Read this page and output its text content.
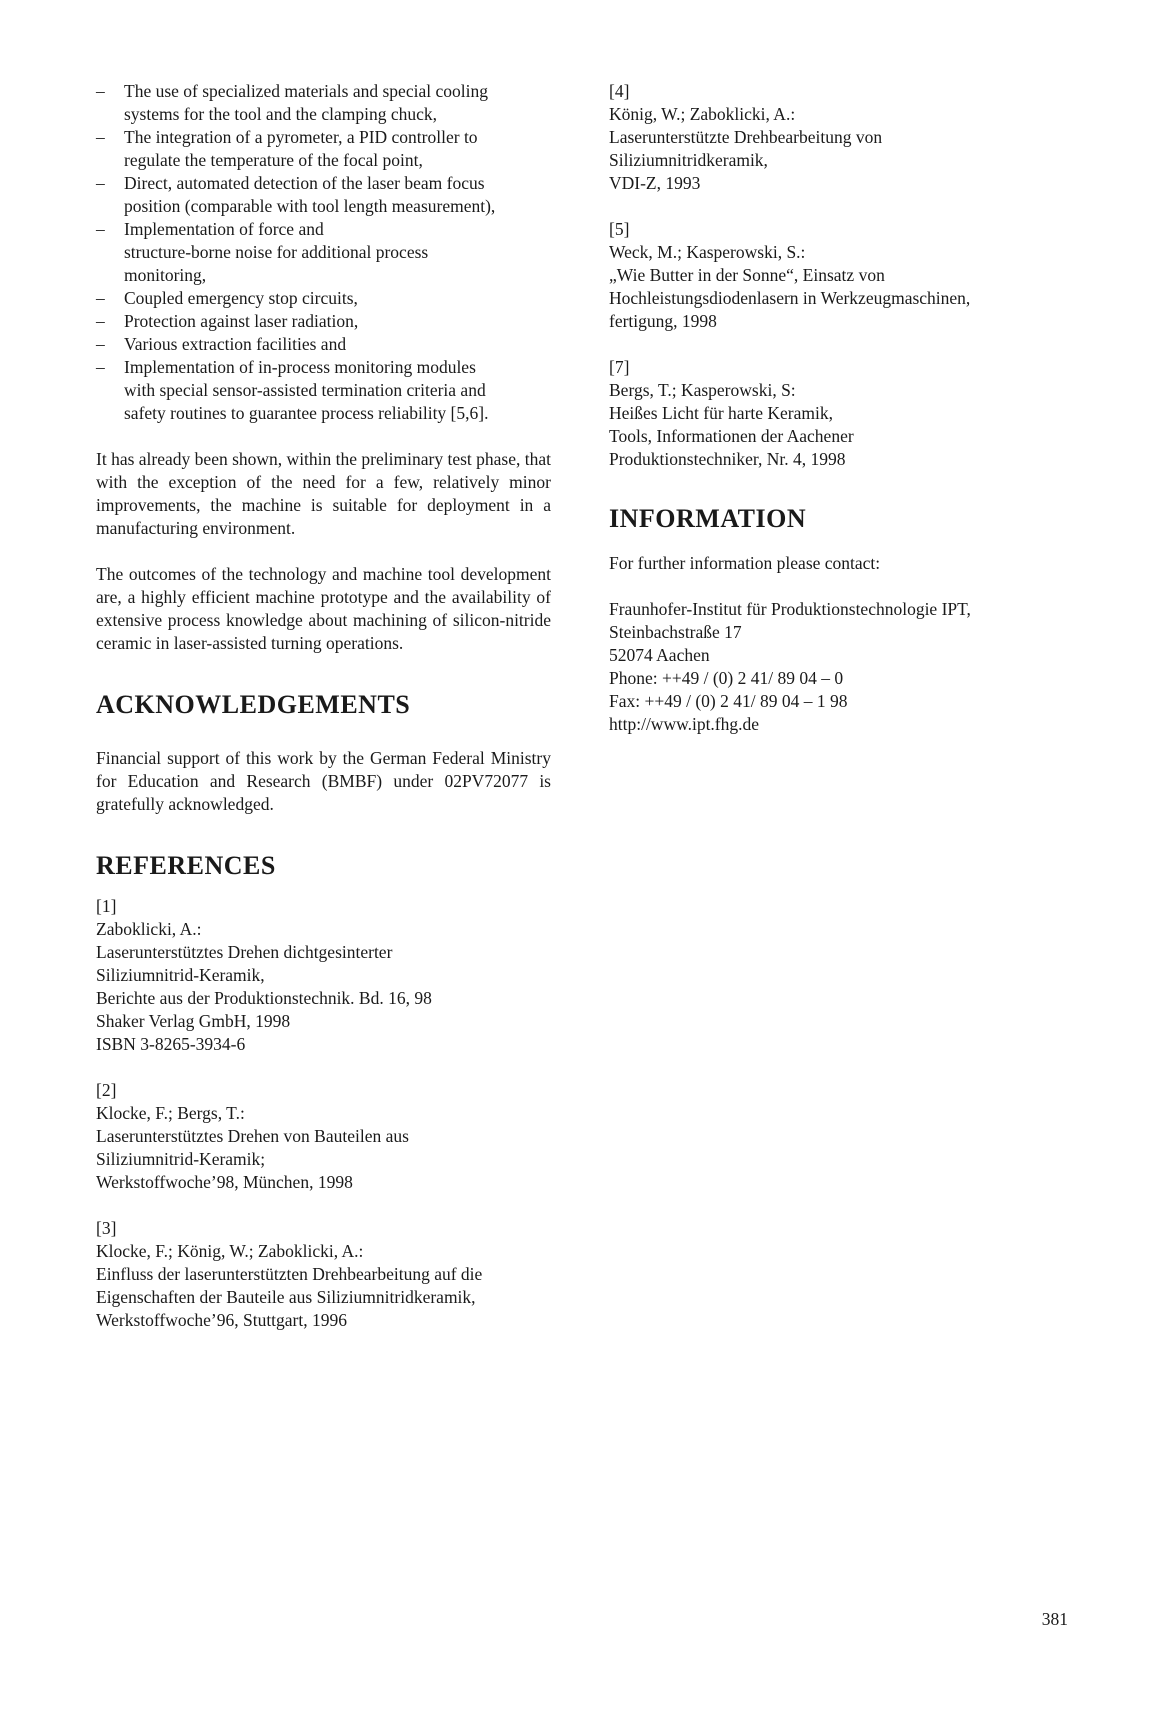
– The use of specialized materials and special cooling
systems for the tool and the clamping chuck,
– The integration of a pyrometer, a PID controller to
regulate the temperature of the focal point,
– Direct, automated detection of the laser beam focus
position (comparable with tool length measurement),
– Implementation of force and
structure-borne noise for additional process
monitoring,
– Coupled emergency stop circuits,
– Protection against laser radiation,
– Various extraction facilities and
– Implementation of in-process monitoring modules
with special sensor-assisted termination criteria and
safety routines to guarantee process reliability [5,6].

It has already been shown, within the preliminary test phase, that with the exception of the need for a few, relatively minor improvements, the machine is suitable for deployment in a manufacturing environment.

The outcomes of the technology and machine tool development are, a highly efficient machine prototype and the availability of extensive process knowledge about machining of silicon-nitride ceramic in laser-assisted turning operations.

ACKNOWLEDGEMENTS

Financial support of this work by the German Federal Ministry for Education and Research (BMBF) under 02PV72077 is gratefully acknowledged.

REFERENCES
[1]
Zaboklicki, A.:
Laserunterstütztes Drehen dichtgesinterter
Siliziumnitrid-Keramik,
Berichte aus der Produktionstechnik. Bd. 16, 98
Shaker Verlag GmbH, 1998
ISBN 3-8265-3934-6
[2]
Klocke, F.; Bergs, T.:
Laserunterstütztes Drehen von Bauteilen aus
Siliziumnitrid-Keramik;
Werkstoffwoche’98, München, 1998
[3]
Klocke, F.; König, W.; Zaboklicki, A.:
Einfluss der laserunterstützten Drehbearbeitung auf die
Eigenschaften der Bauteile aus Siliziumnitridkeramik,
Werkstoffwoche’96, Stuttgart, 1996
[4]
König, W.; Zaboklicki, A.:
Laserunterstützte Drehbearbeitung von
Siliziumnitridkeramik,
VDI-Z, 1993
[5]
Weck, M.; Kasperowski, S.:
„Wie Butter in der Sonne“, Einsatz von
Hochleistungsdiodenlasern in Werkzeugmaschinen,
fertigung, 1998
[7]
Bergs, T.; Kasperowski, S:
Heißes Licht für harte Keramik,
Tools, Informationen der Aachener
Produktionstechniker, Nr. 4, 1998
INFORMATION
For further information please contact:
Fraunhofer-Institut für Produktionstechnologie IPT,
Steinbachstraße 17
52074 Aachen
Phone: ++49 / (0) 2 41/ 89 04 – 0
Fax: ++49 / (0) 2 41/ 89 04 – 1 98
http://www.ipt.fhg.de
381
